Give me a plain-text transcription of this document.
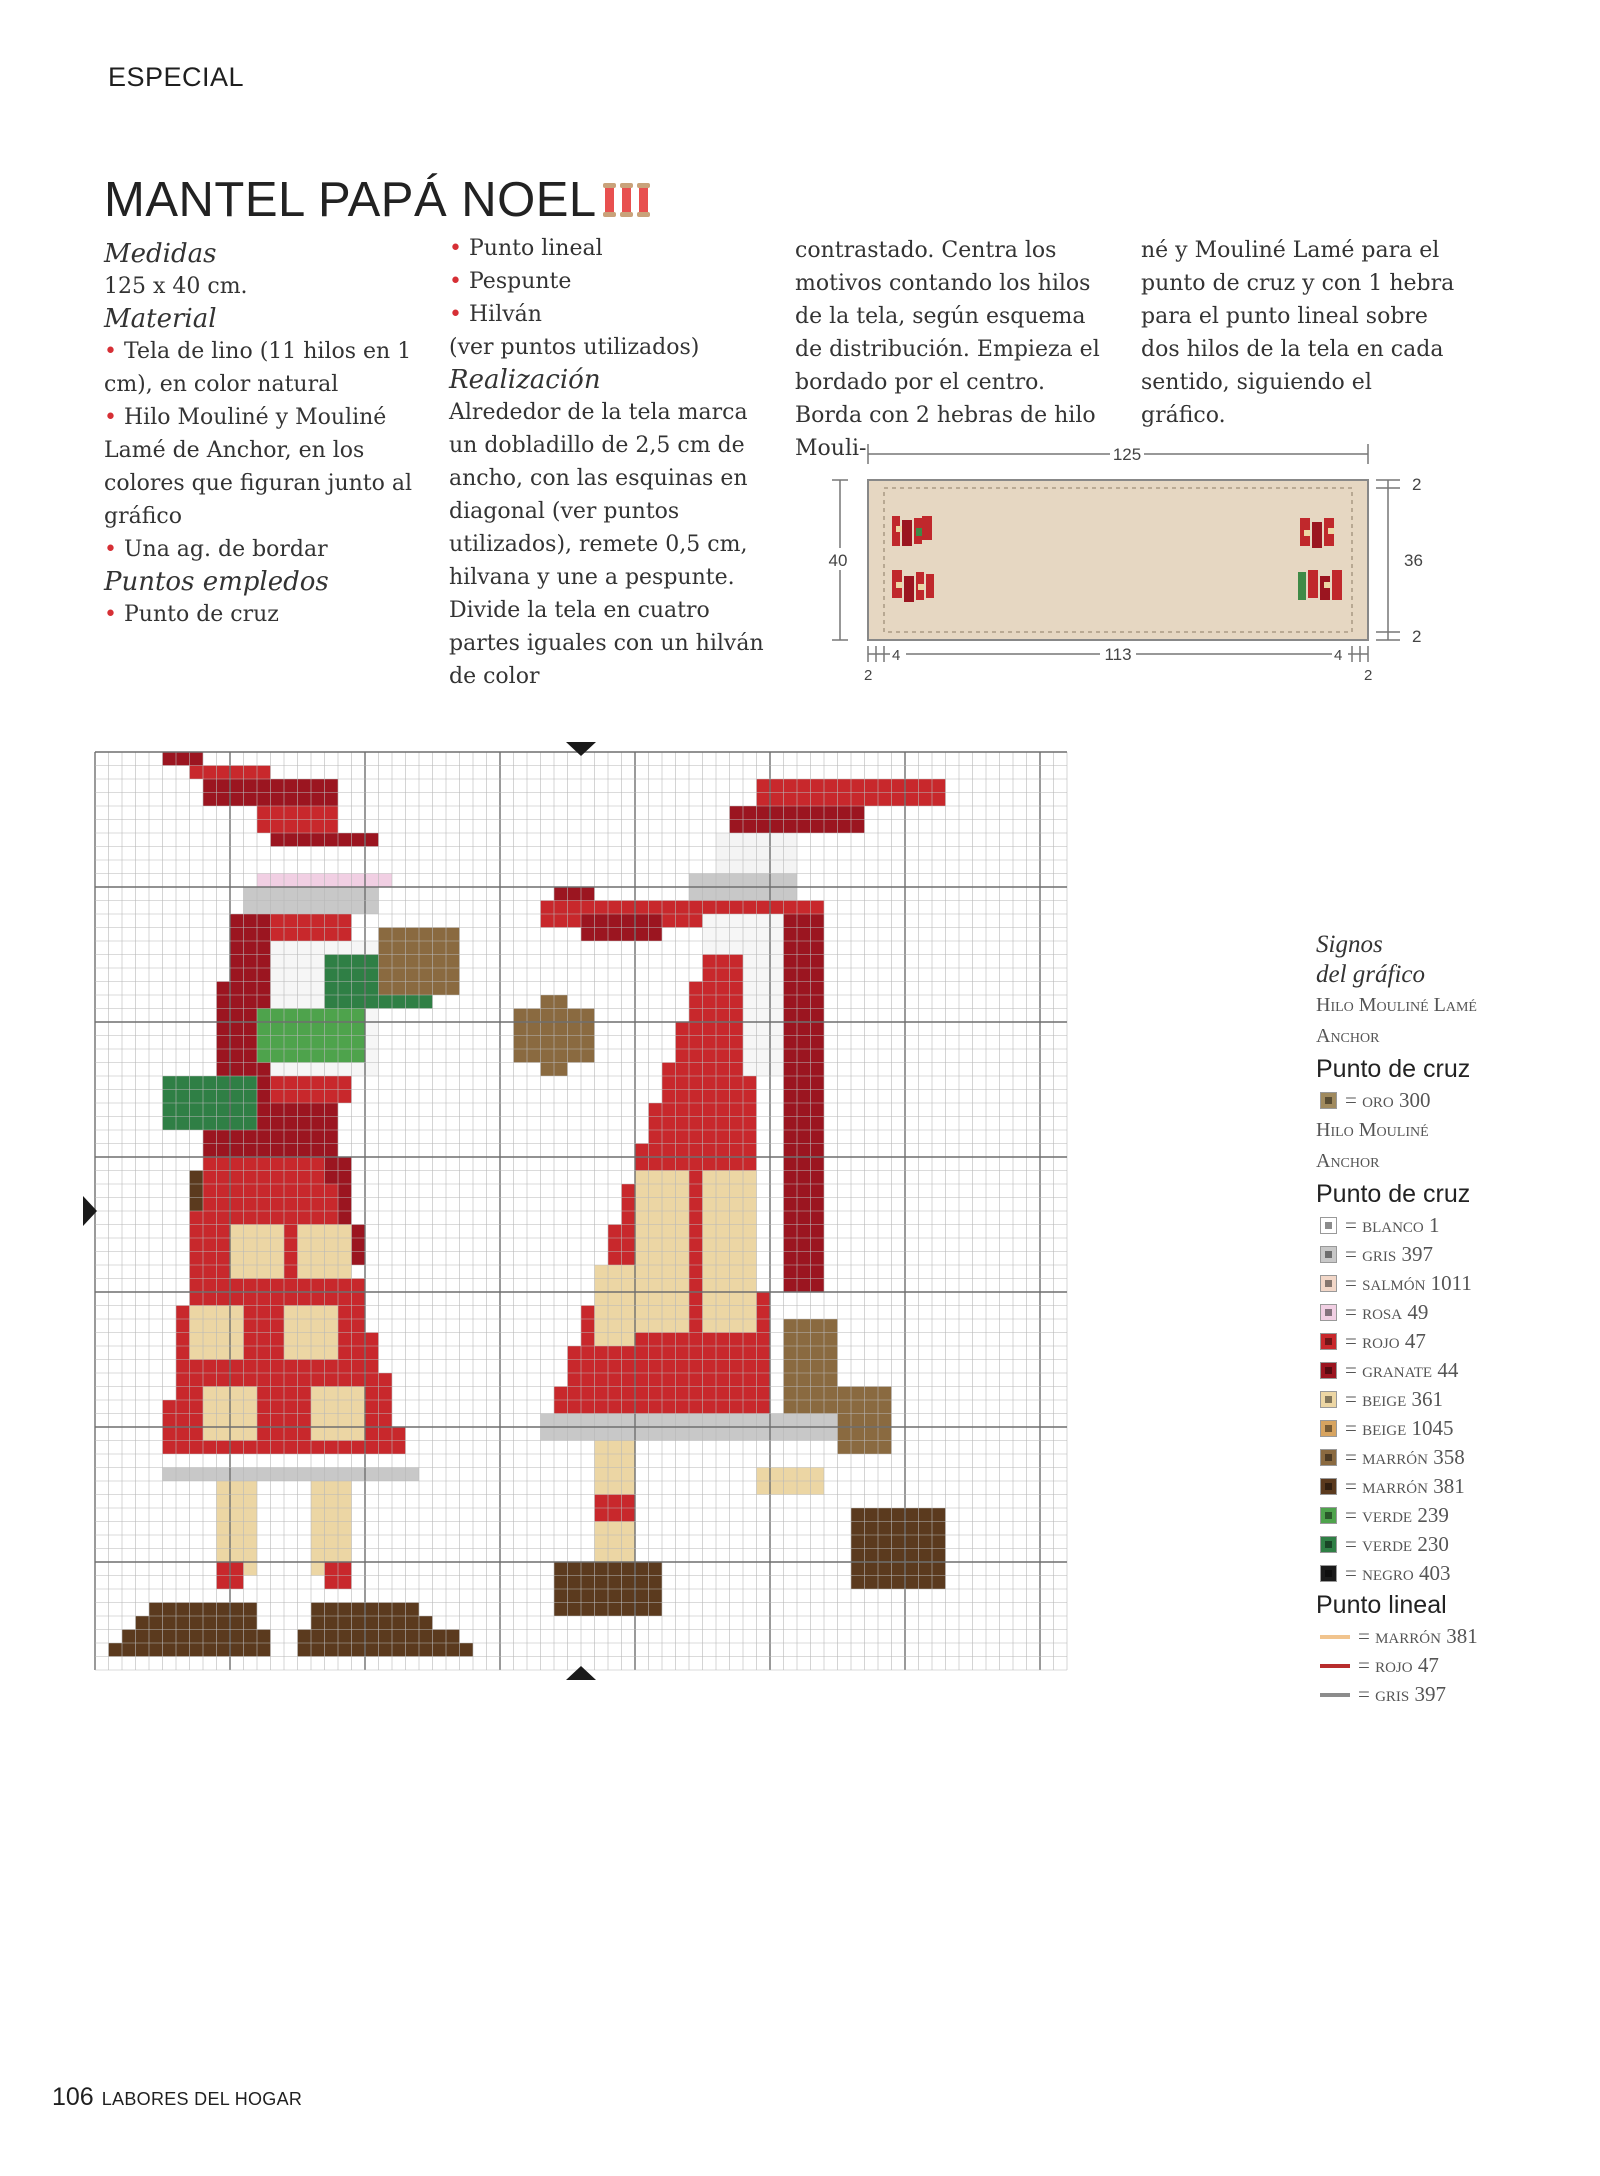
ESPECIAL
MANTEL PAPÁ NOEL

Medidas

125 x 40 cm.

Material

• Tela de lino (11 hilos en 1 cm), en color natural

• Hilo Mouliné y Mouliné Lamé de Anchor, en los colores que figuran junto al gráfico

• Una ag. de bordar

Puntos empledos

• Punto de cruz

• Punto lineal

• Pespunte

• Hilván

(ver puntos utilizados)

Realización

Alrededor de la tela marca un dobladillo de 2,5 cm de ancho, con las esquinas en diagonal (ver puntos utilizados), remete 0,5 cm, hilvana y une a pespunte. Divide la tela en cuatro partes iguales con un hilván de color

contrastado. Centra los motivos contando los hilos de la tela, según esquema de distribución. Empieza el bordado por el centro. Borda con 2 hebras de hilo Mouli-

né y Mouliné Lamé para el punto de cruz y con 1 hebra para el punto lineal sobre dos hilos de la tela en cada sentido, siguiendo el gráfico.

125
40
2
36
2
4	113	4
2	2
Signos
del gráfico
Hilo Mouliné Lamé
Anchor
Punto de cruz
= oro 300
Hilo Mouliné
Anchor
Punto de cruz
= blanco 1
= gris 397
= salmón 1011
= rosa 49
= rojo 47
= granate 44
= beige 361
= beige 1045
= marrón 358
= marrón 381
= verde 239
= verde 230
= negro 403
Punto lineal
= marrón 381
= rojo 47
= gris 397
106 LABORES DEL HOGAR
